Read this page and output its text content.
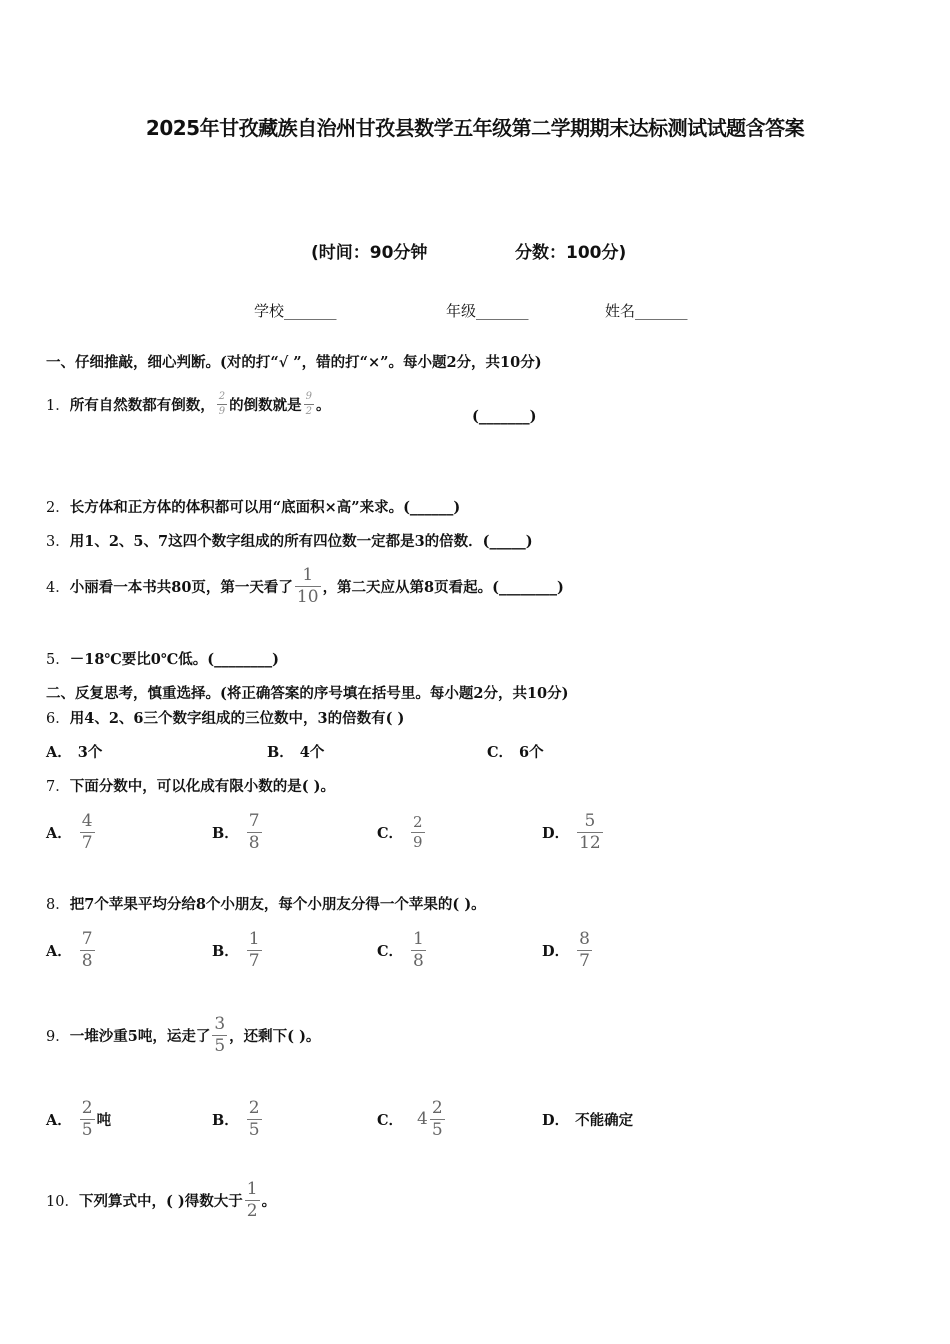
2025年甘孜藏族自治州甘孜县数学五年级第二学期期末达标测试试题含答案
(时间：90分钟	分数：100分)
学校_______	年级_______	姓名_______
一、仔细推敲，细心判断。(对的打“√ ”，错的打“×”。每小题2分，共10分)
1． 所有自然数都有倒数， $\frac{2}{9}$ 的倒数就是 $\frac{9}{2}$ 。
(_______)
2．长方体和正方体的体积都可以用“底面积×高”来求。(______)
3．用1、2、5、7这四个数字组成的所有四位数一定都是3的倍数．(_____)
4． 小丽看一本书共80页，第一天看了 $\frac{1}{10}$ ，第二天应从第8页看起。(________)
5．－18℃要比0℃低。(________)
二、反复思考，慎重选择。(将正确答案的序号填在括号里。每小题2分，共10分)
6．用4、2、6三个数字组成的三位数中，3的倍数有( )
A． 3个	B． 4个	C． 6个
7．下面分数中，可以化成有限小数的是( )。
A． $\frac{4}{7}$	B． $\frac{7}{8}$	C． $\frac{2}{9}$	D． $\frac{5}{12}$
8．把7个苹果平均分给8个小朋友，每个小朋友分得一个苹果的( )。
A． $\frac{7}{8}$	B． $\frac{1}{7}$	C． $\frac{1}{8}$	D． $\frac{8}{7}$
9． 一堆沙重5吨，运走了 $\frac{3}{5}$ ，还剩下( )。
A． $\frac{2}{5}$ 吨	B． $\frac{2}{5}$	C． $4 \frac{2}{5}$	D． 不能确定
10． 下列算式中，( )得数大于 $\frac{1}{2}$ 。
